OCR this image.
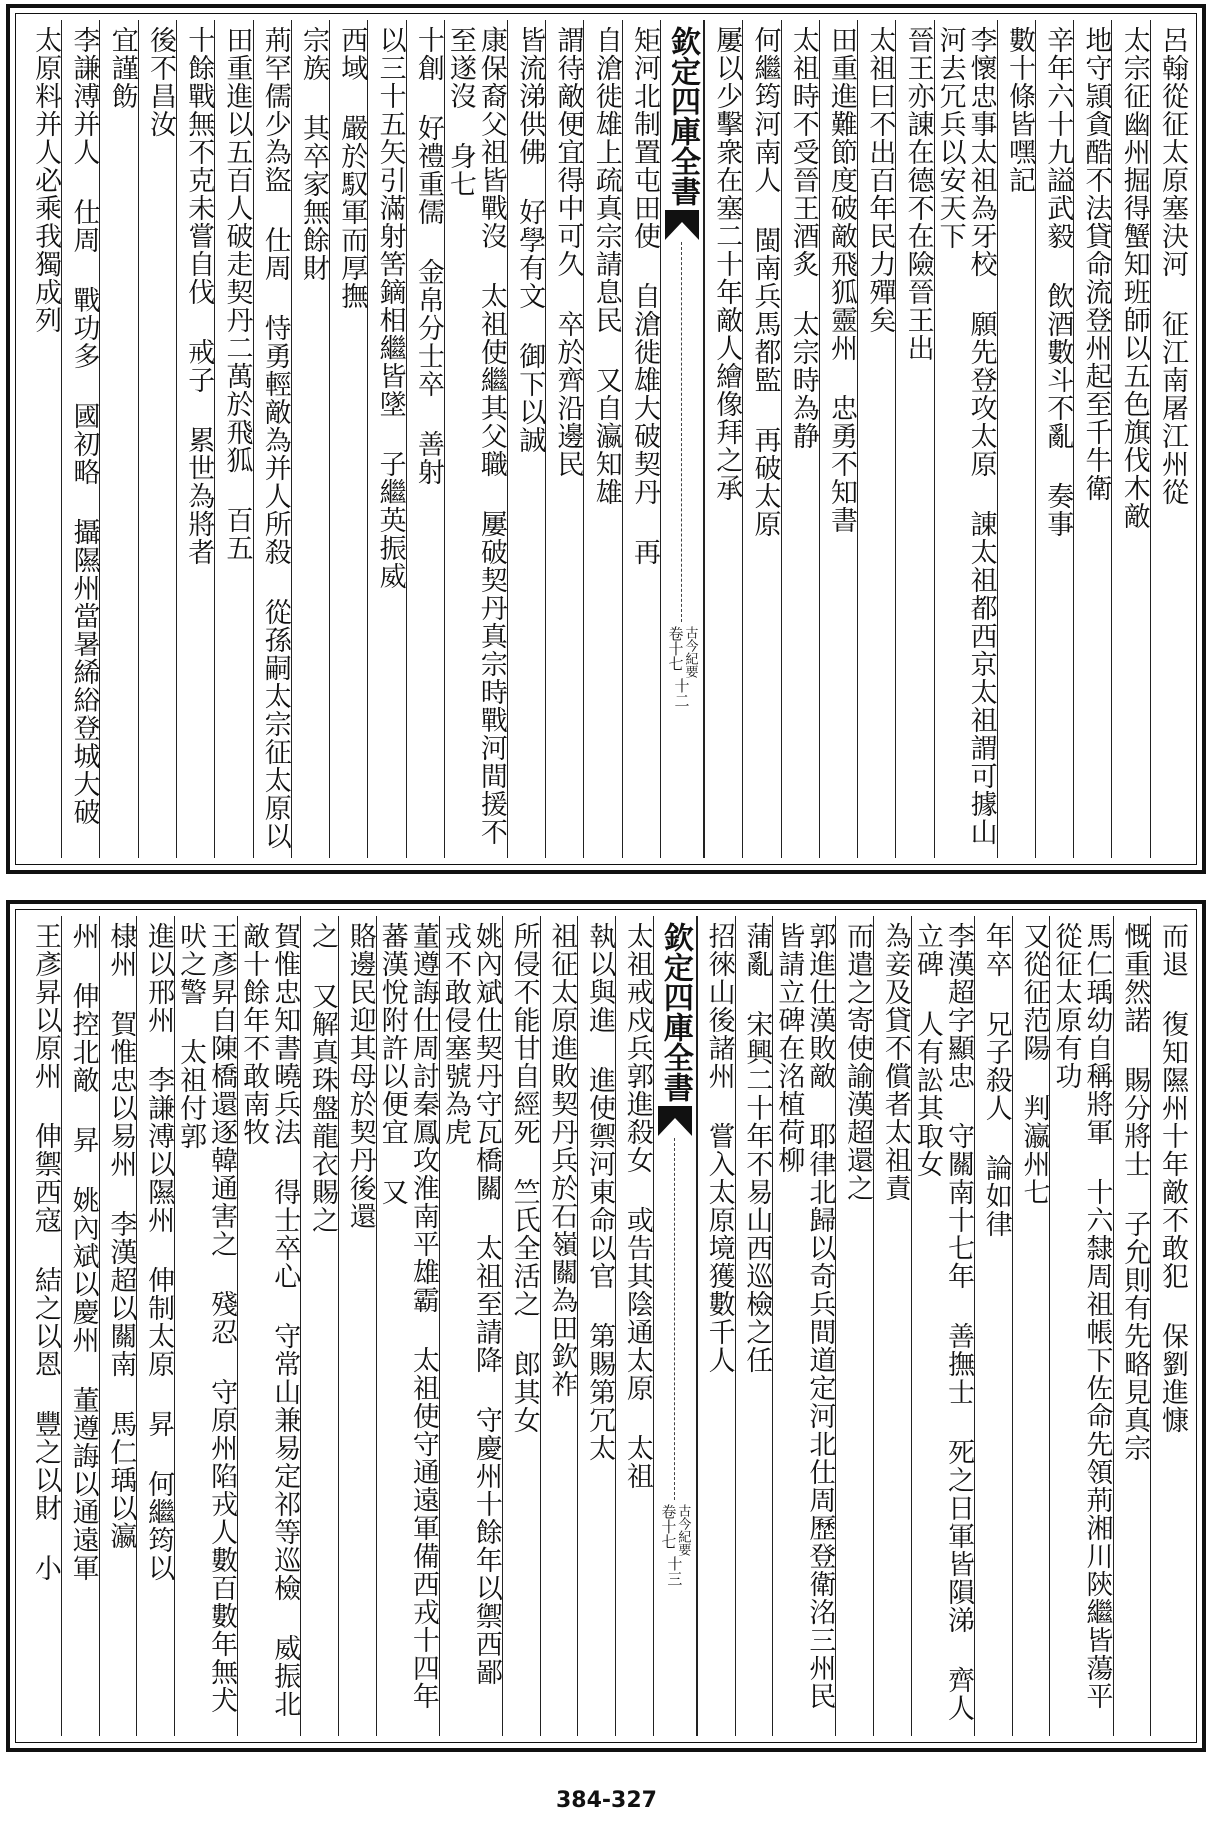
呂翰從征太原塞決河 征江南屠江州從
太宗征幽州掘得蟹知班師以五色旗伐木敵
地守頴貪酷不法貸命流登州起至千牛衛
辛年六十九謚武毅 飲酒數斗不亂 奏事
數十條皆嘿記
李懷忠事太祖為牙校 願先登攻太原 諌太祖都西京太祖謂可據山河去冗兵以安天下
晉王亦諌在德不在險晉王出
太祖曰不出百年民力殫矣
田重進難節度破敵飛狐靈州 忠勇不知書
太祖時不受晉王酒炙 太宗時為静
何繼筠河南人 閩南兵馬都監 再破太原
屢以少擊衆在塞二十年敵人繪像拜之承
欽定四庫全書
古今紀要
卷十七
十二
矩河北制置屯田使 自滄徙雄大破契丹 再
自滄徙雄上疏真宗請息民 又自瀛知雄
謂待敵便宜得中可久 卒於齊沿邊民
皆流涕供佛 好學有文 御下以誠
康保裔父祖皆戰沒 太祖使繼其父職 屢破契丹真宗時戰河間援不至遂沒 身七
十創 好禮重儒 金帛分士卒 善射
以三十五矢引滿射筈鏑相繼皆墜 子繼英振威
西域 嚴於馭軍而厚撫
宗族 其卒家無餘財
荊罕儒少為盜 仕周 恃勇輕敵為并人所殺 從孫嗣太宗征太原以
田重進以五百人破走契丹二萬於飛狐 百五
十餘戰無不克未嘗自伐 戒子 累世為將者
後不昌汝
宜謹飭
李謙溥并人 仕周 戰功多 國初略 攝隰州當暑絺綌登城大破
太原料并人必乘我獨成列
而退 復知隰州十年敵不敢犯 保劉進慷
慨重然諾 賜分將士 子允則有先略見真宗
馬仁瑀幼自稱將軍 十六隸周祖帳下佐命先領荊湘川陝繼皆蕩平 從征太原有功
又從征范陽 判瀛州七
年卒 兄子殺人 論如律
李漢超字顯忠 守關南十七年 善撫士 死之日軍皆隕涕 齊人立碑 人有訟其取女
為妾及貸不償者太祖責
而遣之寄使諭漢超還之
郭進仕漢敗敵 耶律北歸以奇兵間道定河北仕周歷登衛洺三州民皆請立碑在洺植荷柳
蒲亂 宋興二十年不易山西巡檢之任
招徠山後諸州 嘗入太原境獲數千人
欽定四庫全書
古今紀要
卷十七
十三
太祖戒戍兵郭進殺女 或告其陰通太原 太祖
執以與進 進使禦河東命以官 第賜第冗太
祖征太原進敗契丹兵於石嶺關為田欽祚
所侵不能甘自經死 竺氏全活之 郎其女
姚內斌仕契丹守瓦橋關 太祖至請降 守慶州十餘年以禦西鄙 戎不敢侵塞號為虎
董遵誨仕周討秦鳳攻淮南平雄霸 太祖使守通遠軍備西戎十四年蕃漢悅附許以便宜 又
賂邊民迎其母於契丹後還
之 又解真珠盤龍衣賜之
賀惟忠知書曉兵法 得士卒心 守常山兼易定祁等巡檢 威振北敵十餘年不敢南牧
王彥昇自陳橋還逐韓通害之 殘忍 守原州陷戎人數百數年無犬吠之警 太祖付郭
進以邢州 李謙溥以隰州 伸制太原 昇 何繼筠以
棣州 賀惟忠以易州 李漢超以關南 馬仁瑀以瀛
州 伸控北敵 昇 姚內斌以慶州 董遵誨以通遠軍
王彥昇以原州 伸禦西寇 結之以恩 豐之以財 小
384-327
